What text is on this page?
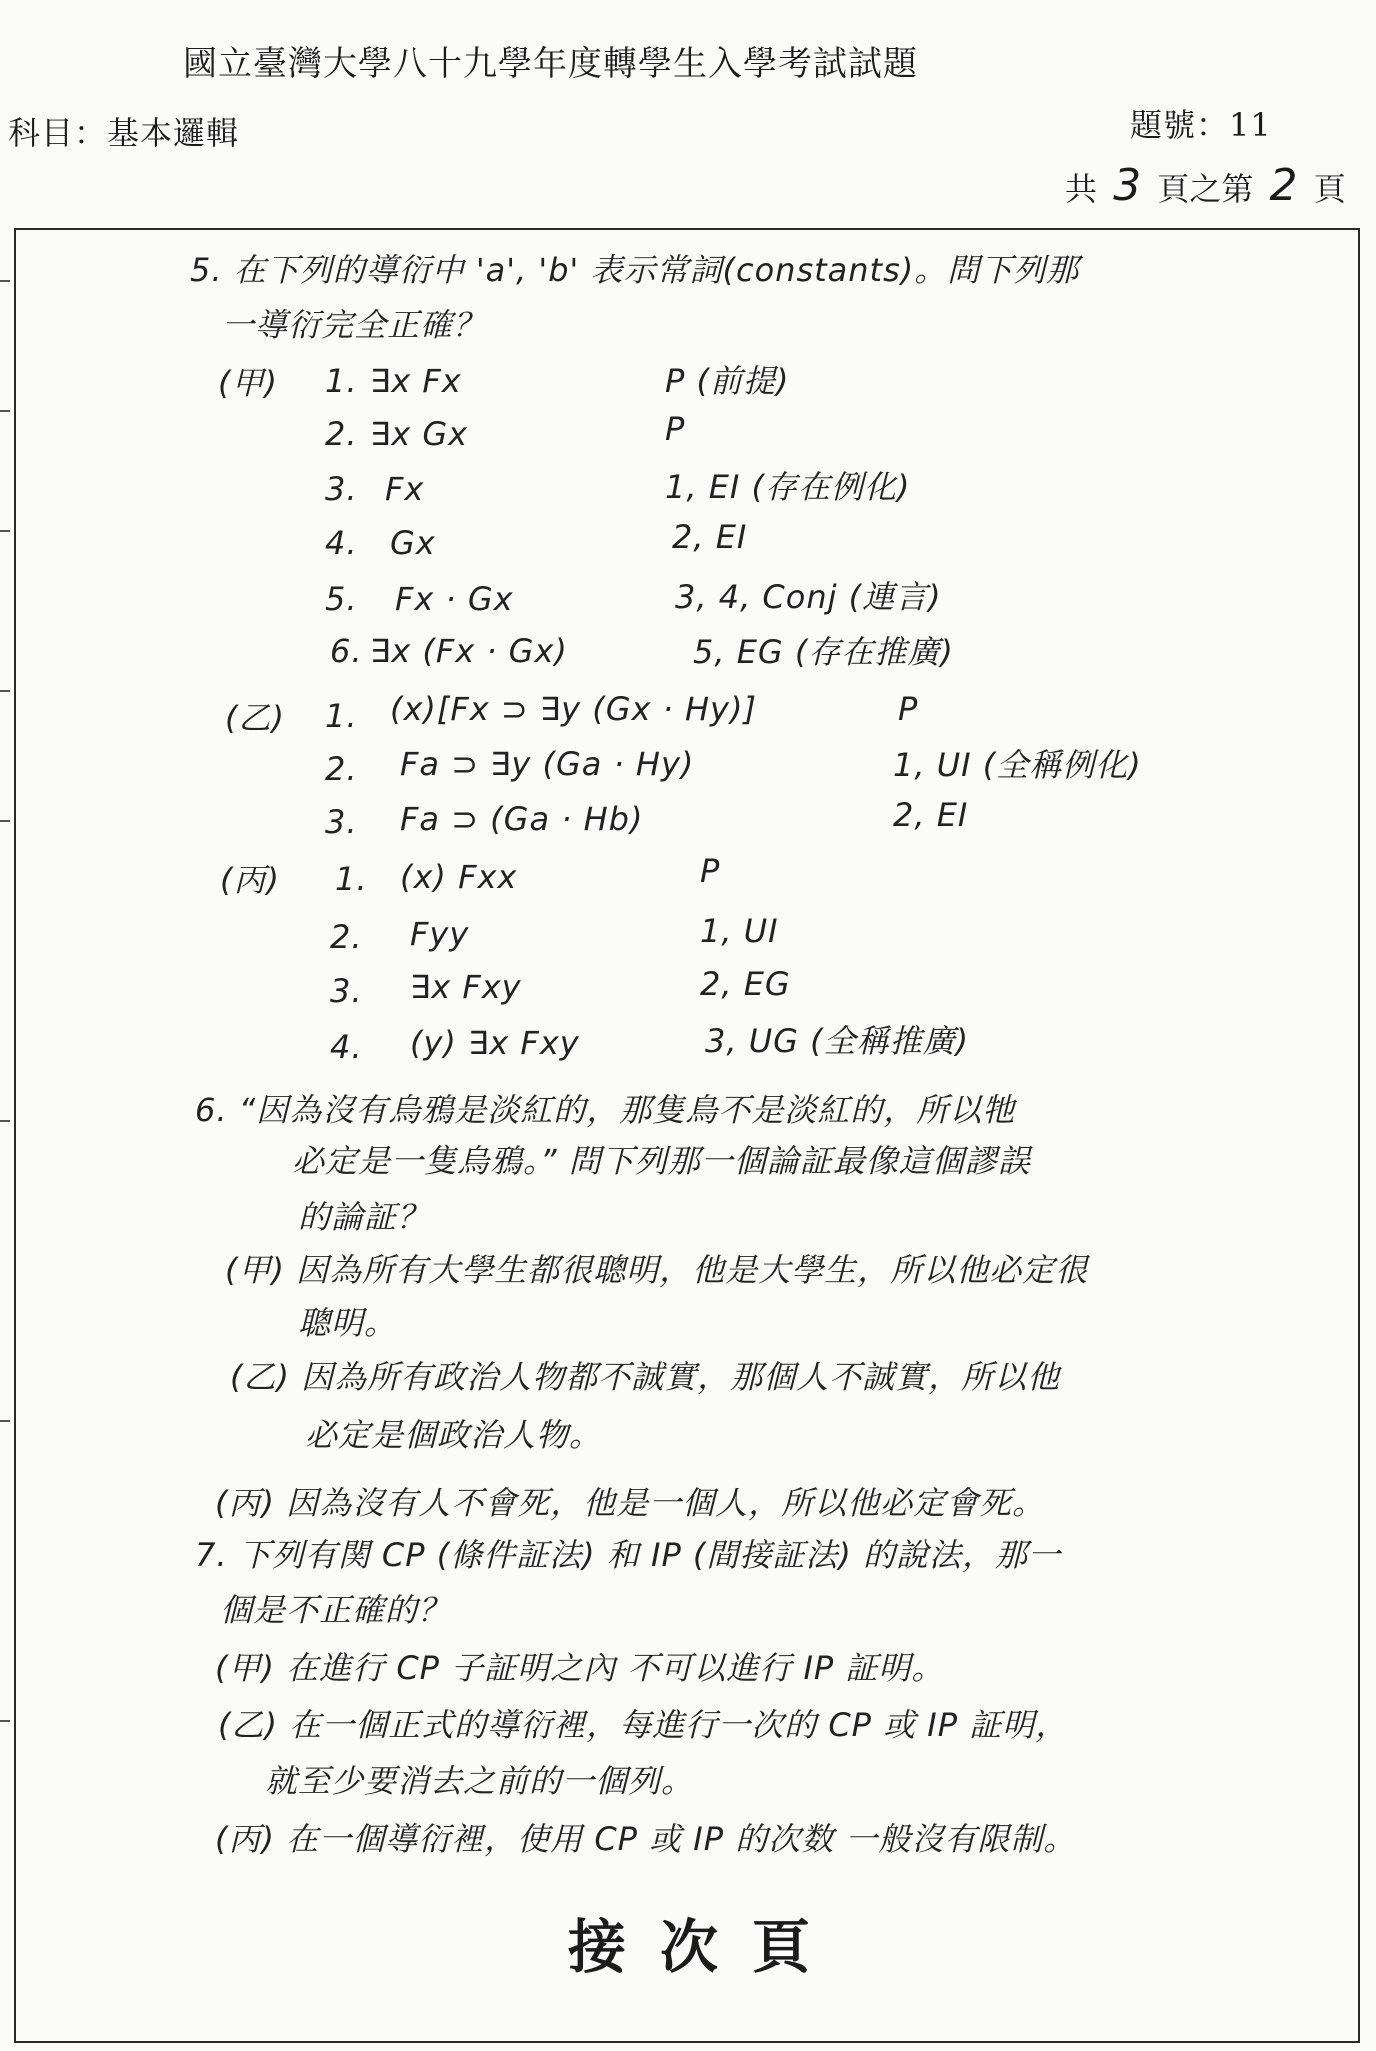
國立臺灣大學八十九學年度轉學生入學考試試題
科目：基本邏輯	題號：11
共 3 頁之第 2 頁
5. 在下列的導衍中 'a', 'b' 表示常詞(constants)。問下列那
一導衍完全正確？
(甲) 1. ∃x Fx	P (前提)
2. ∃x Gx	P
3. Fx	1, EI (存在例化)
4. Gx	2, EI
5. Fx · Gx	3, 4, Conj (連言)
6. ∃x (Fx · Gx)	5, EG (存在推廣)
(乙) 1. (x)[Fx ⊃ ∃y (Gx · Hy)]	P
2. Fa ⊃ ∃y (Ga · Hy)	1, UI (全稱例化)
3. Fa ⊃ (Ga · Hb)	2, EI
(丙) 1. (x) Fxx	P
2. Fyy	1, UI
3. ∃x Fxy	2, EG
4. (y) ∃x Fxy	3, UG (全稱推廣)
6. “因為沒有烏鴉是淡紅的，那隻鳥不是淡紅的，所以牠
必定是一隻烏鴉。” 問下列那一個論証最像這個謬誤
的論証？
(甲) 因為所有大學生都很聰明，他是大學生，所以他必定很
聰明。
(乙) 因為所有政治人物都不誠實，那個人不誠實，所以他
必定是個政治人物。
(丙) 因為沒有人不會死，他是一個人，所以他必定會死。
7. 下列有関 CP (條件証法) 和 IP (間接証法) 的說法，那一
個是不正確的？
(甲) 在進行 CP 子証明之內 不可以進行 IP 証明。
(乙) 在一個正式的導衍裡，每進行一次的 CP 或 IP 証明，
就至少要消去之前的一個列。
(丙) 在一個導衍裡，使用 CP 或 IP 的次数 一般沒有限制。
接次頁
